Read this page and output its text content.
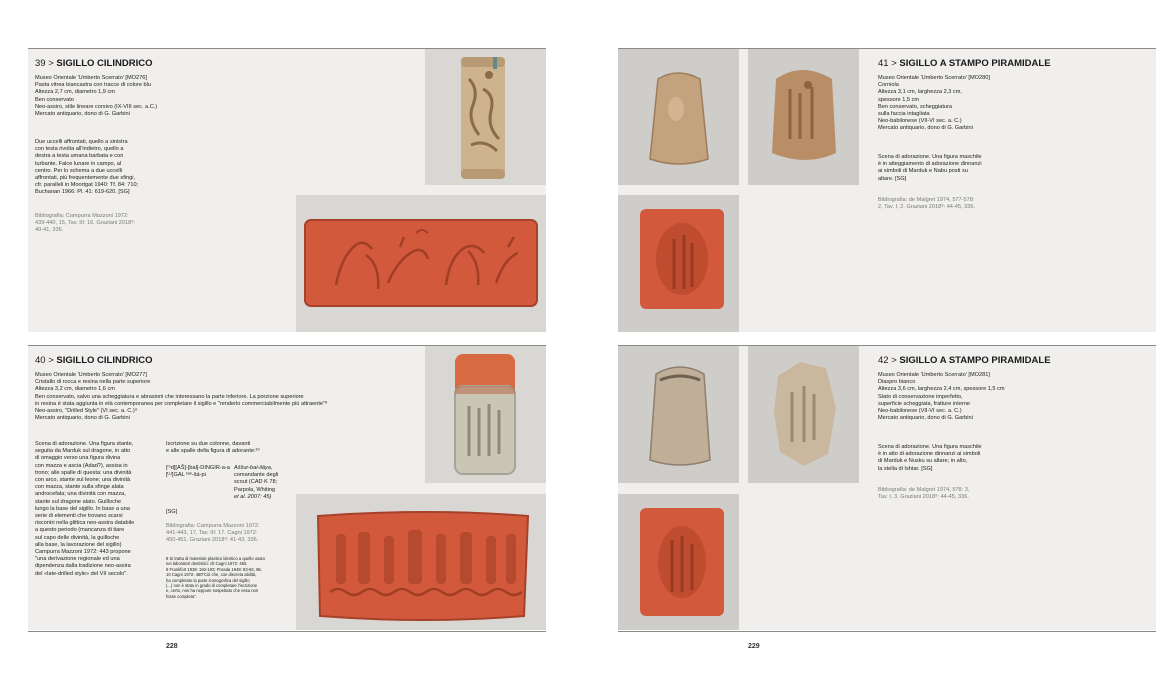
39 > SIGILLO CILINDRICO

Museo Orientale 'Umberto Scerrato' [MO276]

Pasta vitrea biancastra con tracce di colore blu

Altezza 2,7 cm, diametro 1,9 cm

Ben conservato

Neo-assiro, stile lineare corsivo (IX-VIII sec. a.C.)

Mercato antiquario, dono di G. Garbini

Due uccelli affrontati, quello a sinistra

con testa rivolta all'indietro, quello a

destra a testa umana barbata e con

turbante. Falce lunare in campo, al

centro. Per lo schema a due uccelli

affrontati, più frequentemente due sfingi,

cfr. paralleli in Moortgat 1940: Tf. 84: 710;

Buchanan 1966: Pl. 41: 619-620. [SG]

Bibliografia: Campurra Mazzoni 1972:

439-440, 15, Tav. III: 16. Graziani 2018⁸:

40-41, 336.

40 > SIGILLO CILINDRICO

Museo Orientale 'Umberto Scerrato' [MO277]

Cristallo di rocca e resina nella parte superiore

Altezza 3,2 cm, diametro 1,6 cm

Ben conservato, salvo una scheggiatura e abrasioni che interessano la parte inferiore. La porzione superiore

in resina è stata aggiunta in età contemporanea per completare il sigillo e "renderlo commerciabilmente più attraente"⁸

Neo-assiro, "Drilled Style" (VI sec. a. C.)⁹

Mercato antiquario, dono di G. Garbini

Scena di adorazione. Una figura stante,

seguita da Marduk sul dragone, in atto

di omaggio verso una figura divina

con mazza e ascia (Adad?), assisa in

trono; alle spalle di questa: una divinità

con arco, stante sul leone; una divinità

con mazza, stante sulla sfinge alata

androcefala; una divinità con mazza,

stante sul dragone alato. Guilloche

lungo la base del sigillo. In base a una

serie di elementi che trovano scarsi

riscontri nella glittica neo-assira databile

a questo periodo (mancanza di tiare

sul capo delle divinità, la guilloche

alla base, la lavorazione del sigillo)

Campurra Mazzoni 1972: 443 propone

"una derivazione regionale ed una

dipendenza dalla tradizione neo-assira

del «late-drilled style» del VII secolo".

Iscrizione su due colonne, davanti

e alle spalle della figura di adorante:¹⁰

[ᵐd][AŠ]-[bal]-DINGIR-a-a

[ᴸᵁ]GAL ᵏᵃᵏ-šá-pi

Aššur-bal-ilāya,

comandante degli

scout (CAD K 78;

Parpola, Whiting

et al. 2007: 45)

[SG]

Bibliografia: Campurra Mazzoni 1972:

441-443, 17, Tav. III: 17. Cagni 1972:

450-451. Graziani 2018⁸: 41-43, 336.

8 Si tratta di materiale plastico identico a quello usato

nei laboratori dentistici: cfr.Cagni 1972: 450.

9 Frankfort 1939: 192-193; Porada 1948: 83-84, 96.

10 Cagni 1972: 450"Ciò che, con discreta abilità,

ha completato la parte iconografica del sigillo

(...) non è stato in grado di completare l'iscrizione

e, certo, non ha neppure sospettato che essa non

fosse completa".

228
41 > SIGILLO A STAMPO PIRAMIDALE

Museo Orientale 'Umberto Scerrato' [MO280]

Corniola

Altezza 3,1 cm, larghezza 2,3 cm,

spessore 1,5 cm

Ben conservato, scheggiatura

sulla faccia intagliata

Neo-babilonese (VII-VI sec. a. C.)

Mercato antiquario, dono di G. Garbini

Scena di adorazione. Una figura maschile

è in atteggiamento di adorazione dinnanzi

ai simboli di Marduk e Nabu posti su

altare. [SG]

Bibliografia: de Malgret 1974, 577-578:

2, Tav. I, 2. Graziani 2018⁸: 44-45, 336.

42 > SIGILLO A STAMPO PIRAMIDALE

Museo Orientale 'Umberto Scerrato' [MO281]

Diaspro bianco

Altezza 3,6 cm, larghezza 2,4 cm, spessore 1,5 cm

Stato di conservazione imperfetto,

superficie scheggiata, fratture interne

Neo-babilonese (VII-VI sec. a. C.)

Mercato antiquario, dono di G. Garbini

Scena di adorazione. Una figura maschile

è in atto di adorazione dinnanzi ai simboli

di Marduk e Nusku su altare; in alto,

la stella di Ishtar. [SG]

Bibliografia: de Malgret 1974, 578: 3,

Tav. I, 3. Graziani 2018⁸: 44-45, 336.

229
